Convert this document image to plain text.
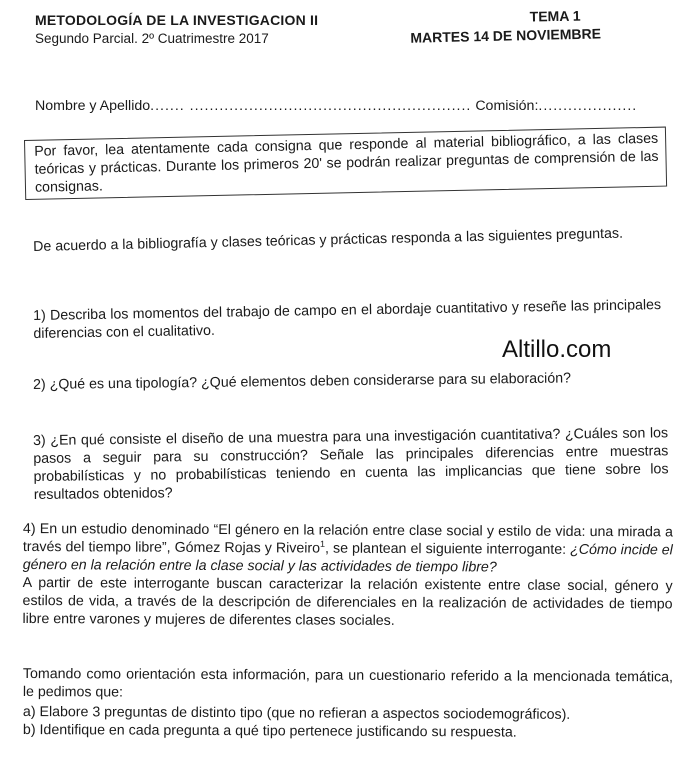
METODOLOGÍA DE LA INVESTIGACION II
Segundo Parcial. 2º Cuatrimestre 2017
TEMA 1
MARTES 14 DE NOVIEMBRE
Nombre y Apellido....... ......................................................... Comisión:....................
Por favor, lea atentamente cada consigna que responde al material bibliográfico, a las clases teóricas y prácticas. Durante los primeros 20' se podrán realizar preguntas de comprensión de las consignas.
De acuerdo a la bibliografía y clases teóricas y prácticas responda a las siguientes preguntas.
1) Describa los momentos del trabajo de campo en el abordaje cuantitativo y reseñe las principales diferencias con el cualitativo.
Altillo.com
2) ¿Qué es una tipología? ¿Qué elementos deben considerarse para su elaboración?
3) ¿En qué consiste el diseño de una muestra para una investigación cuantitativa? ¿Cuáles son los pasos a seguir para su construcción? Señale las principales diferencias entre muestras probabilísticas y no probabilísticas teniendo en cuenta las implicancias que tiene sobre los resultados obtenidos?
4) En un estudio denominado “El género en la relación entre clase social y estilo de vida: una mirada a través del tiempo libre”, Gómez Rojas y Riveiro$^1$, se plantean el siguiente interrogante: ¿Cómo incide el género en la relación entre la clase social y las actividades de tiempo libre?
A partir de este interrogante buscan caracterizar la relación existente entre clase social, género y estilos de vida, a través de la descripción de diferenciales en la realización de actividades de tiempo libre entre varones y mujeres de diferentes clases sociales.
Tomando como orientación esta información, para un cuestionario referido a la mencionada temática, le pedimos que:
a) Elabore 3 preguntas de distinto tipo (que no refieran a aspectos sociodemográficos).
b) Identifique en cada pregunta a qué tipo pertenece justificando su respuesta.
